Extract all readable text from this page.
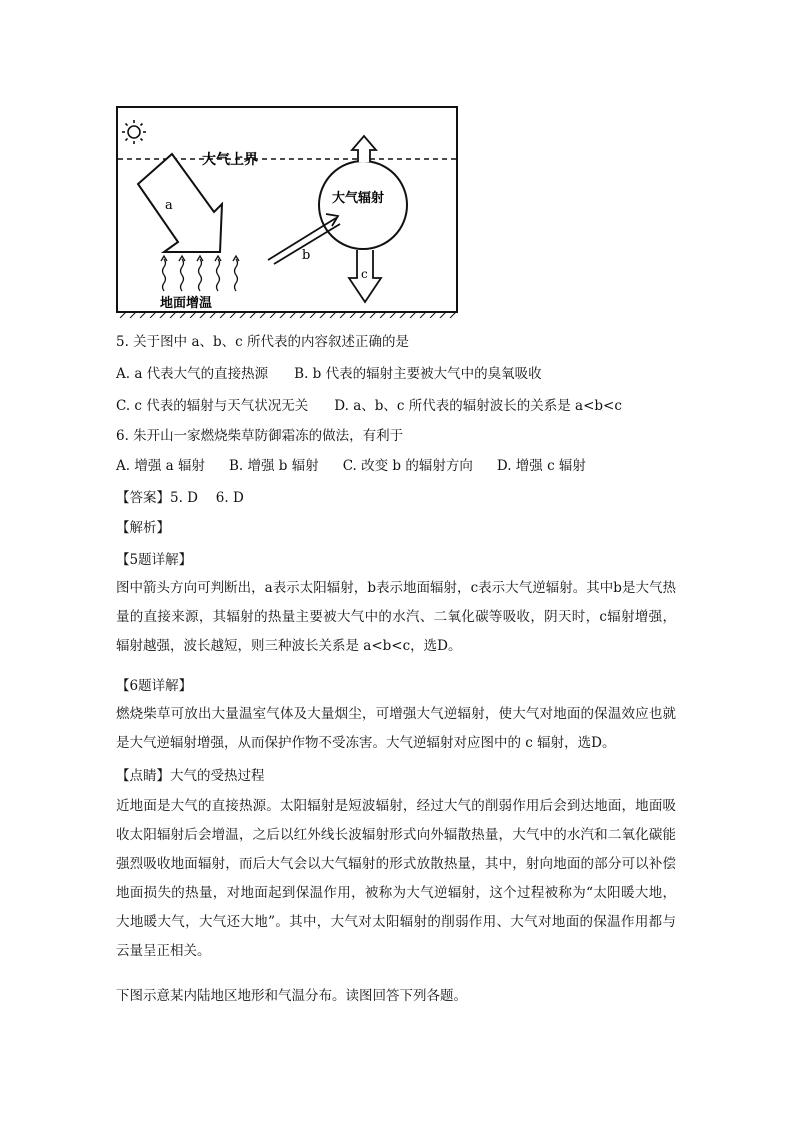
大气上界
大气辐射
a
b
c
地面增温
5. 关于图中 a、b、c 所代表的内容叙述正确的是
A. a 代表大气的直接热源 B. b 代表的辐射主要被大气中的臭氧吸收
C. c 代表的辐射与天气状况无关 D. a、b、c 所代表的辐射波长的关系是 a<b<c
6. 朱开山一家燃烧柴草防御霜冻的做法，有利于
A. 增强 a 辐射 B. 增强 b 辐射 C. 改变 b 的辐射方向 D. 增强 c 辐射
【答案】5. D　 6. D
【解析】
【5题详解】
图中箭头方向可判断出，a表示太阳辐射，b表示地面辐射，c表示大气逆辐射。其中b是大气热量的直接来源，其辐射的热量主要被大气中的水汽、二氧化碳等吸收，阴天时，c辐射增强，辐射越强，波长越短，则三种波长关系是 a<b<c，选D。
【6题详解】
燃烧柴草可放出大量温室气体及大量烟尘，可增强大气逆辐射，使大气对地面的保温效应也就是大气逆辐射增强，从而保护作物不受冻害。大气逆辐射对应图中的 c 辐射，选D。
【点睛】大气的受热过程
近地面是大气的直接热源。太阳辐射是短波辐射，经过大气的削弱作用后会到达地面，地面吸收太阳辐射后会增温，之后以红外线长波辐射形式向外辐散热量，大气中的水汽和二氧化碳能强烈吸收地面辐射，而后大气会以大气辐射的形式放散热量，其中，射向地面的部分可以补偿地面损失的热量，对地面起到保温作用，被称为大气逆辐射，这个过程被称为“太阳暖大地，大地暖大气，大气还大地”。其中，大气对太阳辐射的削弱作用、大气对地面的保温作用都与云量呈正相关。
下图示意某内陆地区地形和气温分布。读图回答下列各题。
